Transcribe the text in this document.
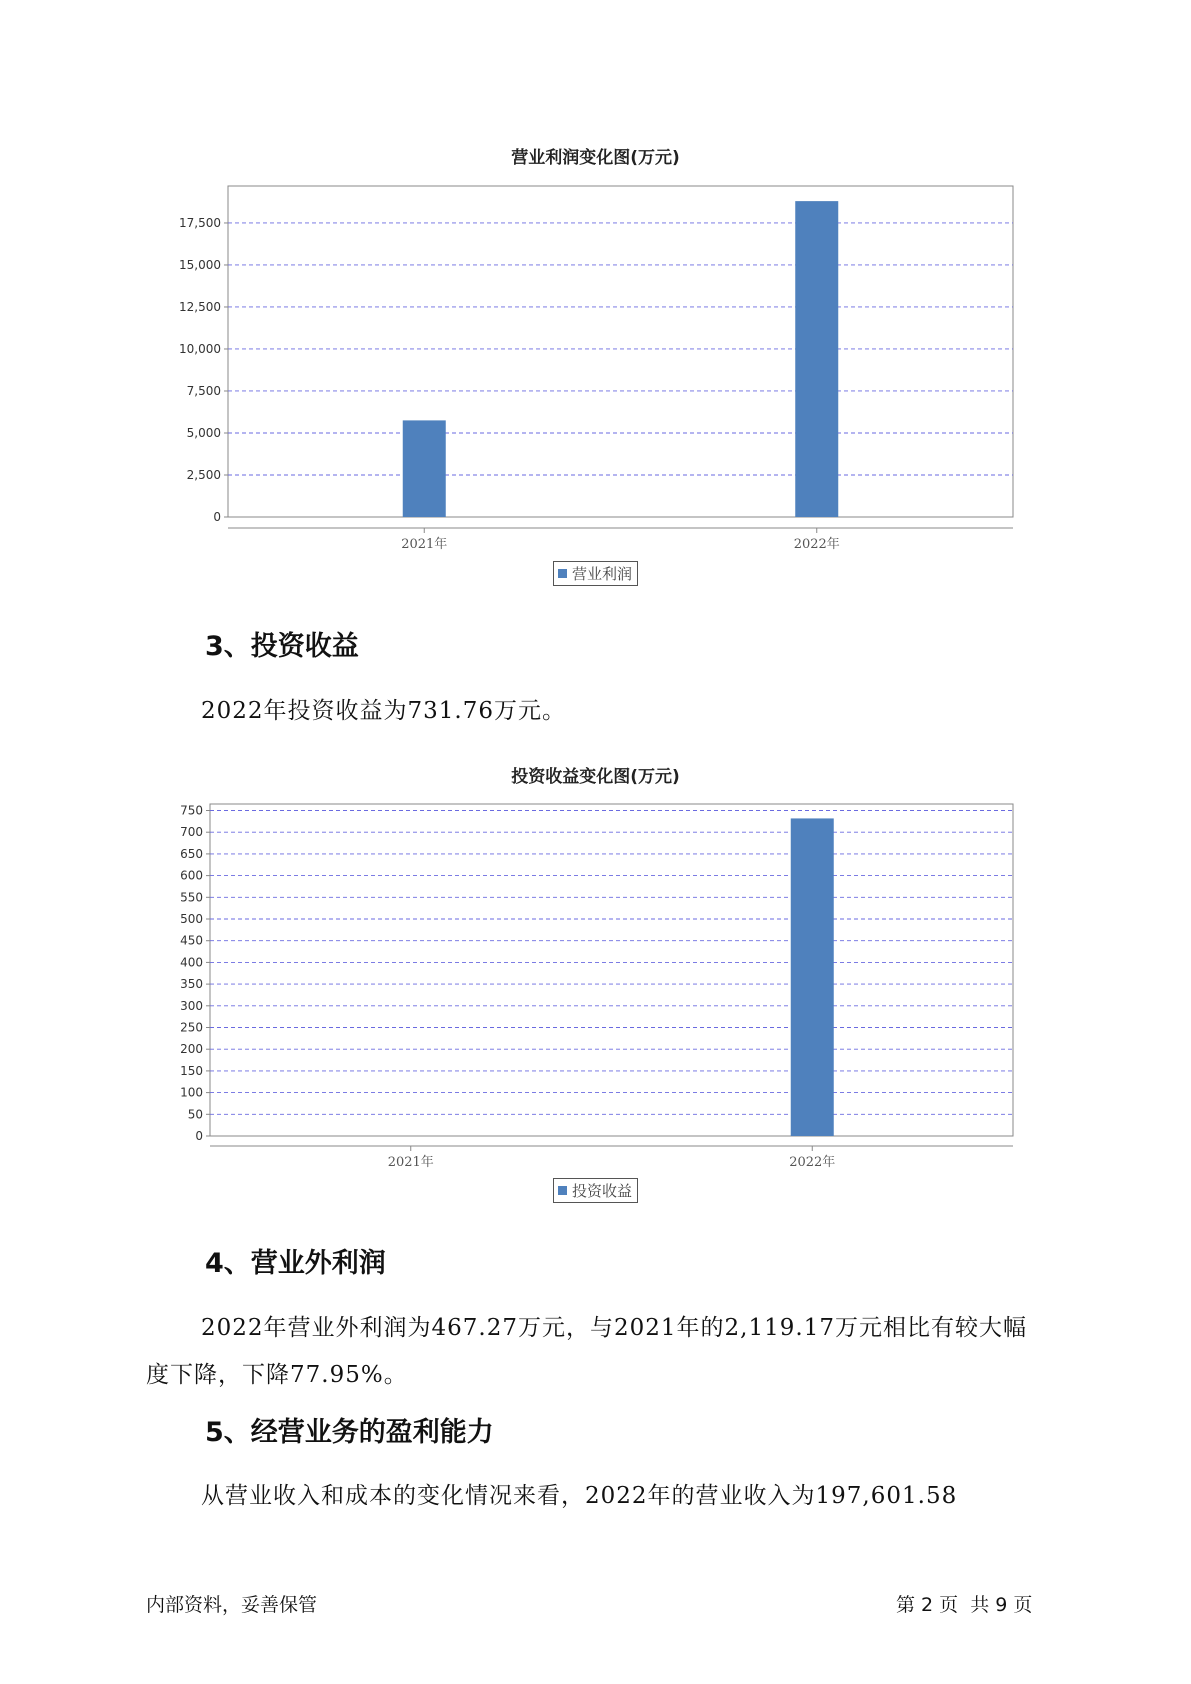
营业利润变化图(万元)
0
2,500
5,000
7,500
10,000
12,500
15,000
17,500
2021年	2022年
营业利润
3、投资收益
2022年投资收益为731.76万元。
投资收益变化图(万元)
0
50
100
150
200
250
300
350
400
450
500
550
600
650
700
750
2021年	2022年
投资收益
4、营业外利润
2022年营业外利润为467.27万元，与2021年的2,119.17万元相比有较大幅度下降，下降77.95%。
5、经营业务的盈利能力
从营业收入和成本的变化情况来看，2022年的营业收入为197,601.58
内部资料，妥善保管	第 2 页  共 9 页
